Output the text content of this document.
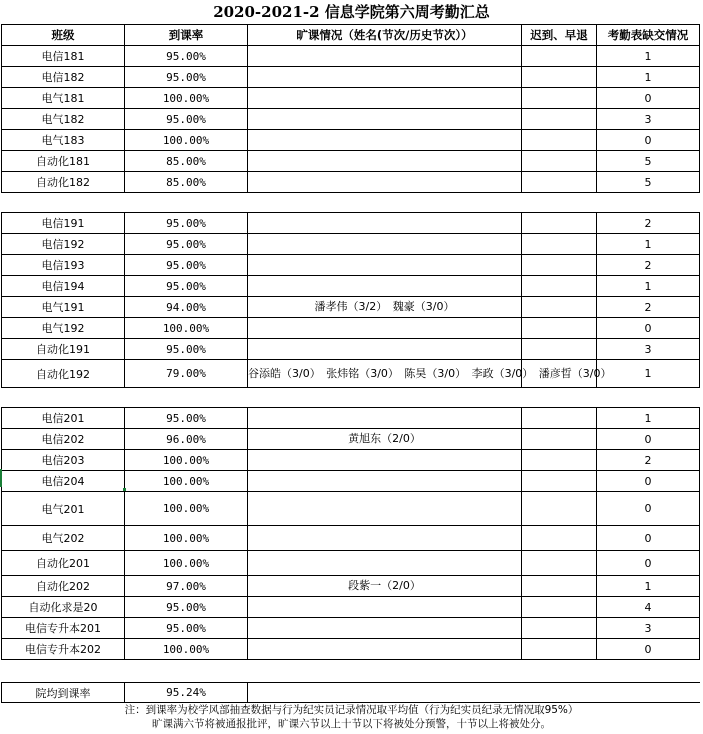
2020-2021-2 信息学院第六周考勤汇总
班级	到课率	旷课情况（姓名(节次/历史节次））	迟到、早退	考勤表缺交情况
电信181	95.00%			1
电信182	95.00%			1
电气181	100.00%			0
电气182	95.00%			3
电气183	100.00%			0
自动化181	85.00%			5
自动化182	85.00%			5

电信191	95.00%			2
电信192	95.00%			1
电信193	95.00%			2
电信194	95.00%			1
电气191	94.00%	潘孝伟（3/2）　魏豪（3/0）		2
电气192	100.00%			0
自动化191	95.00%			3
自动化192	79.00%	谷添皓（3/0）　张炜铭（3/0）　陈昊（3/0）　李政（3/0）　潘彦晢（3/0）		1

电信201	95.00%			1
电信202	96.00%	黄旭东（2/0）		0
电信203	100.00%			2
电信204	100.00%			0
电气201	100.00%			0
电气202	100.00%			0
自动化201	100.00%			0
自动化202	97.00%	段紫一（2/0）		1
自动化求是20	95.00%			4
电信专升本201	95.00%			3
电信专升本202	100.00%			0

院均到课率	95.24%			
注：到课率为校学风部抽查数据与行为纪实员记录情况取平均值（行为纪实员纪录无情况取95%）
旷课满六节将被通报批评，旷课六节以上十节以下将被处分预警，十节以上将被处分。
